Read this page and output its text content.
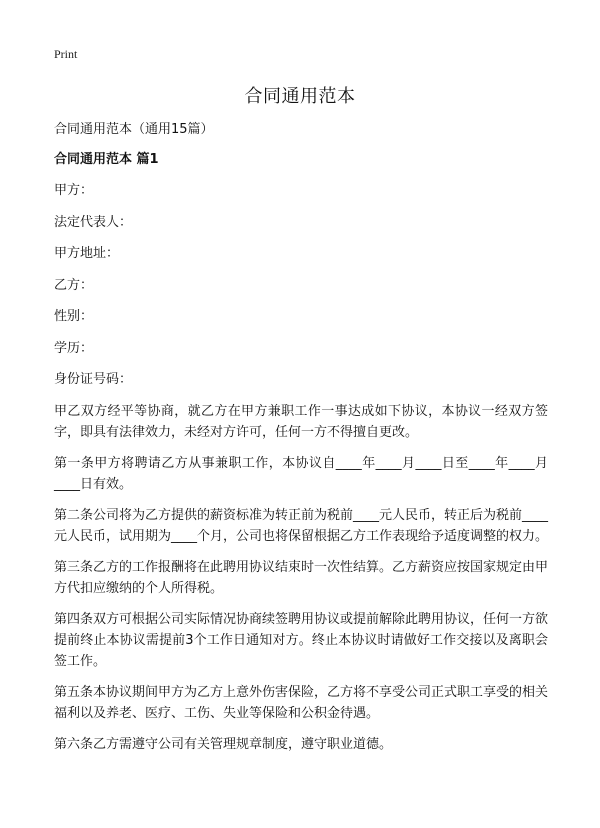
Print
合同通用范本

合同通用范本（通用15篇）

合同通用范本 篇1

甲方：

法定代表人：

甲方地址：

乙方：

性别：

学历：

身份证号码：

甲乙双方经平等协商，就乙方在甲方兼职工作一事达成如下协议，本协议一经双方签字，即具有法律效力，未经对方许可，任何一方不得擅自更改。

第一条甲方将聘请乙方从事兼职工作，本协议自____年____月____日至____年____月____日有效。

第二条公司将为乙方提供的薪资标准为转正前为税前____元人民币，转正后为税前____元人民币，试用期为____个月，公司也将保留根据乙方工作表现给予适度调整的权力。

第三条乙方的工作报酬将在此聘用协议结束时一次性结算。乙方薪资应按国家规定由甲方代扣应缴纳的个人所得税。

第四条双方可根据公司实际情况协商续签聘用协议或提前解除此聘用协议，任何一方欲提前终止本协议需提前3个工作日通知对方。终止本协议时请做好工作交接以及离职会签工作。

第五条本协议期间甲方为乙方上意外伤害保险，乙方将不享受公司正式职工享受的相关福利以及养老、医疗、工伤、失业等保险和公积金待遇。

第六条乙方需遵守公司有关管理规章制度，遵守职业道德。
